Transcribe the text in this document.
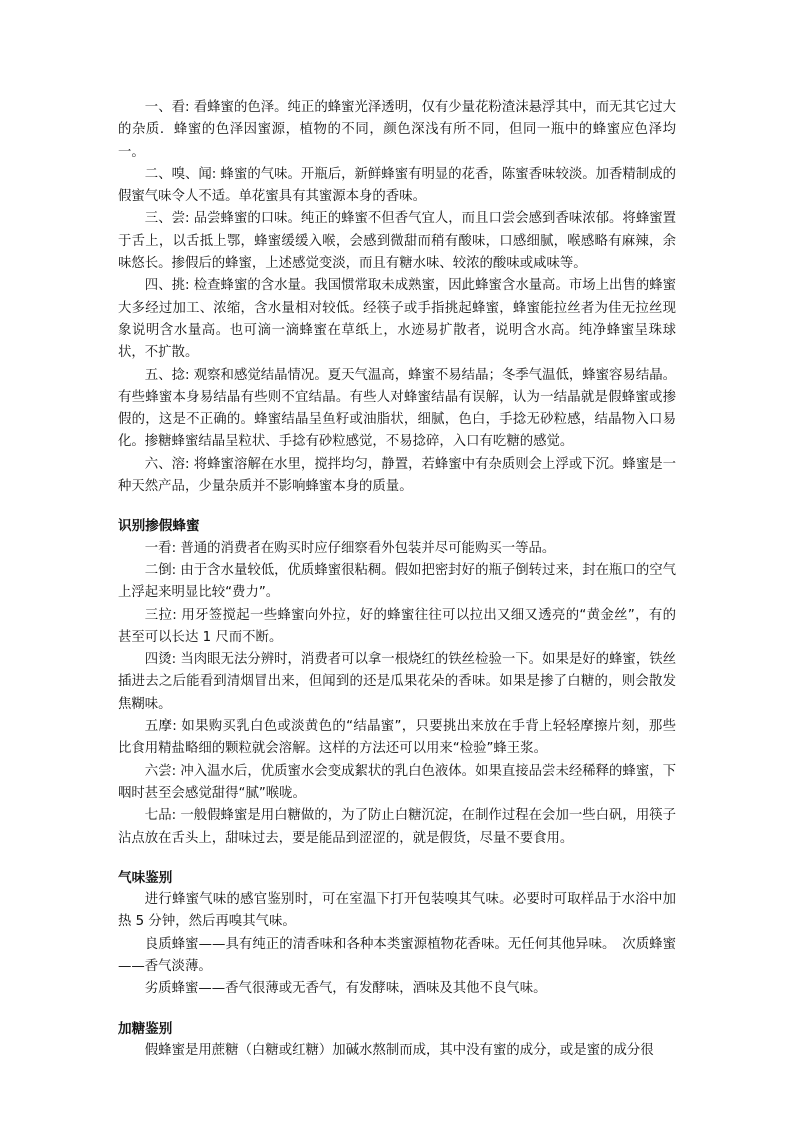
一、看: 看蜂蜜的色泽。纯正的蜂蜜光泽透明，仅有少量花粉渣沫悬浮其中，而无其它过大的杂质．蜂蜜的色泽因蜜源，植物的不同，颜色深浅有所不同，但同一瓶中的蜂蜜应色泽均一。

二、嗅、闻: 蜂蜜的气味。开瓶后，新鲜蜂蜜有明显的花香，陈蜜香味较淡。加香精制成的假蜜气味令人不适。单花蜜具有其蜜源本身的香味。

三、尝: 品尝蜂蜜的口味。纯正的蜂蜜不但香气宜人，而且口尝会感到香味浓郁。将蜂蜜置于舌上，以舌抵上鄂，蜂蜜缓缓入喉，会感到微甜而稍有酸味，口感细腻，喉感略有麻辣，余味悠长。掺假后的蜂蜜，上述感觉变淡，而且有糖水味、较浓的酸味或咸味等。

四、挑: 检查蜂蜜的含水量。我国惯常取未成熟蜜，因此蜂蜜含水量高。市场上出售的蜂蜜大多经过加工、浓缩，含水量相对较低。经筷子或手指挑起蜂蜜，蜂蜜能拉丝者为佳无拉丝现象说明含水量高。也可滴一滴蜂蜜在草纸上，水迹易扩散者，说明含水高。纯净蜂蜜呈珠球状，不扩散。

五、捻: 观察和感觉结晶情况。夏天气温高，蜂蜜不易结晶；冬季气温低，蜂蜜容易结晶。有些蜂蜜本身易结晶有些则不宜结晶。有些人对蜂蜜结晶有误解，认为一结晶就是假蜂蜜或掺假的，这是不正确的。蜂蜜结晶呈鱼籽或油脂状，细腻，色白，手捻无砂粒感，结晶物入口易化。掺糖蜂蜜结晶呈粒状、手捻有砂粒感觉，不易捻碎，入口有吃糖的感觉。

六、溶: 将蜂蜜溶解在水里，搅拌均匀，静置，若蜂蜜中有杂质则会上浮或下沉。蜂蜜是一种天然产品，少量杂质并不影响蜂蜜本身的质量。

识别掺假蜂蜜

一看: 普通的消费者在购买时应仔细察看外包装并尽可能购买一等品。

二倒: 由于含水量较低，优质蜂蜜很粘稠。假如把密封好的瓶子倒转过来，封在瓶口的空气上浮起来明显比较“费力”。

三拉: 用牙签搅起一些蜂蜜向外拉，好的蜂蜜往往可以拉出又细又透亮的“黄金丝”，有的甚至可以长达 1 尺而不断。

四烫: 当肉眼无法分辨时，消费者可以拿一根烧红的铁丝检验一下。如果是好的蜂蜜，铁丝插进去之后能看到清烟冒出来，但闻到的还是瓜果花朵的香味。如果是掺了白糖的，则会散发焦糊味。

五摩: 如果购买乳白色或淡黄色的“结晶蜜”，只要挑出来放在手背上轻轻摩擦片刻，那些比食用精盐略细的颗粒就会溶解。这样的方法还可以用来“检验”蜂王浆。

六尝: 冲入温水后，优质蜜水会变成絮状的乳白色液体。如果直接品尝未经稀释的蜂蜜，下咽时甚至会感觉甜得“腻”喉咙。

七品: 一般假蜂蜜是用白糖做的，为了防止白糖沉淀，在制作过程在会加一些白矾，用筷子沾点放在舌头上，甜味过去，要是能品到涩涩的，就是假货，尽量不要食用。

气味鉴别

进行蜂蜜气味的感官鉴别时，可在室温下打开包装嗅其气味。必要时可取样品于水浴中加热 5 分钟，然后再嗅其气味。

良质蜂蜜——具有纯正的清香味和各种本类蜜源植物花香味。无任何其他异味。　次质蜂蜜——香气淡薄。

劣质蜂蜜——香气很薄或无香气，有发酵味，酒味及其他不良气味。

加糖鉴别

假蜂蜜是用蔗糖（白糖或红糖）加碱水熬制而成，其中没有蜜的成分，或是蜜的成分很
